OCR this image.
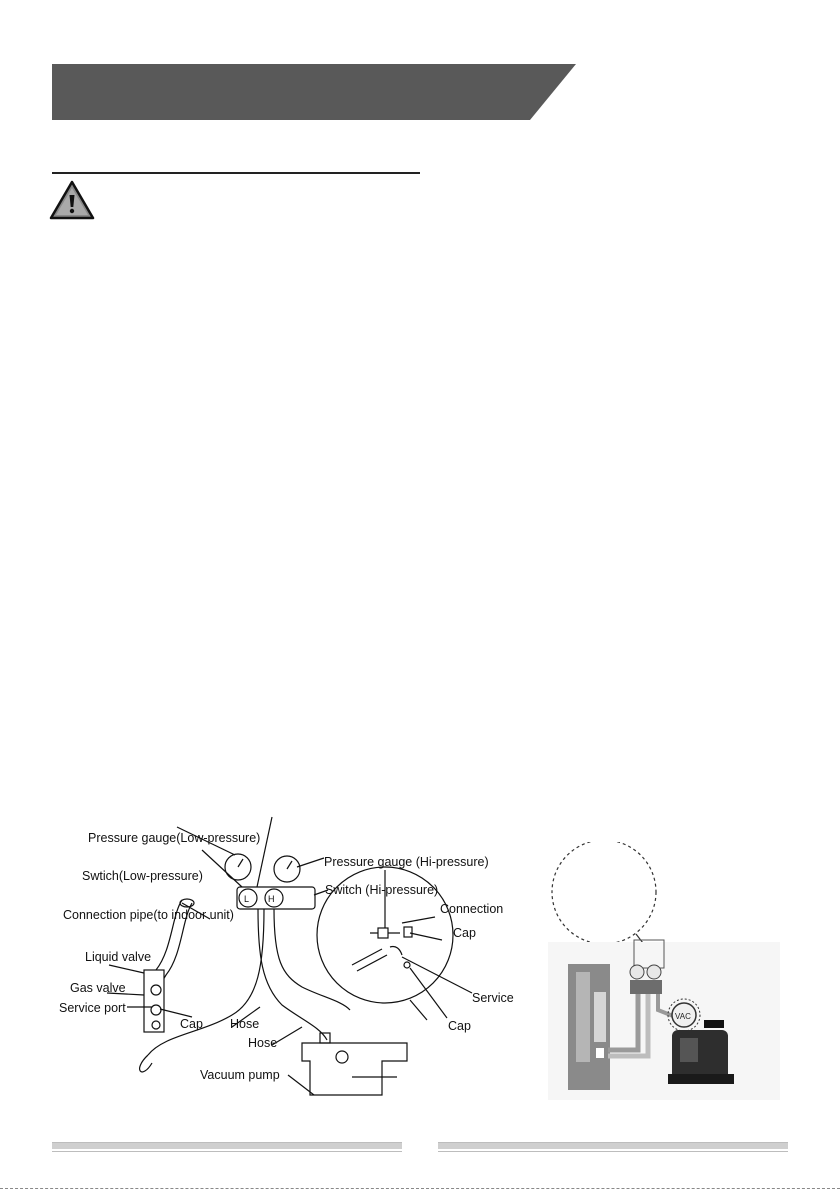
L H
Pressure gauge(Low-pressure)
Swtich(Low-pressure)
Pressure gauge (Hi-pressure)
Switch (Hi-pressure)
Connection pipe(to indoor unit)
Liquid valve
Gas valve
Service port
Cap Hose
Hose
Vacuum pump
Connection
Cap
Service
Cap
VAC
